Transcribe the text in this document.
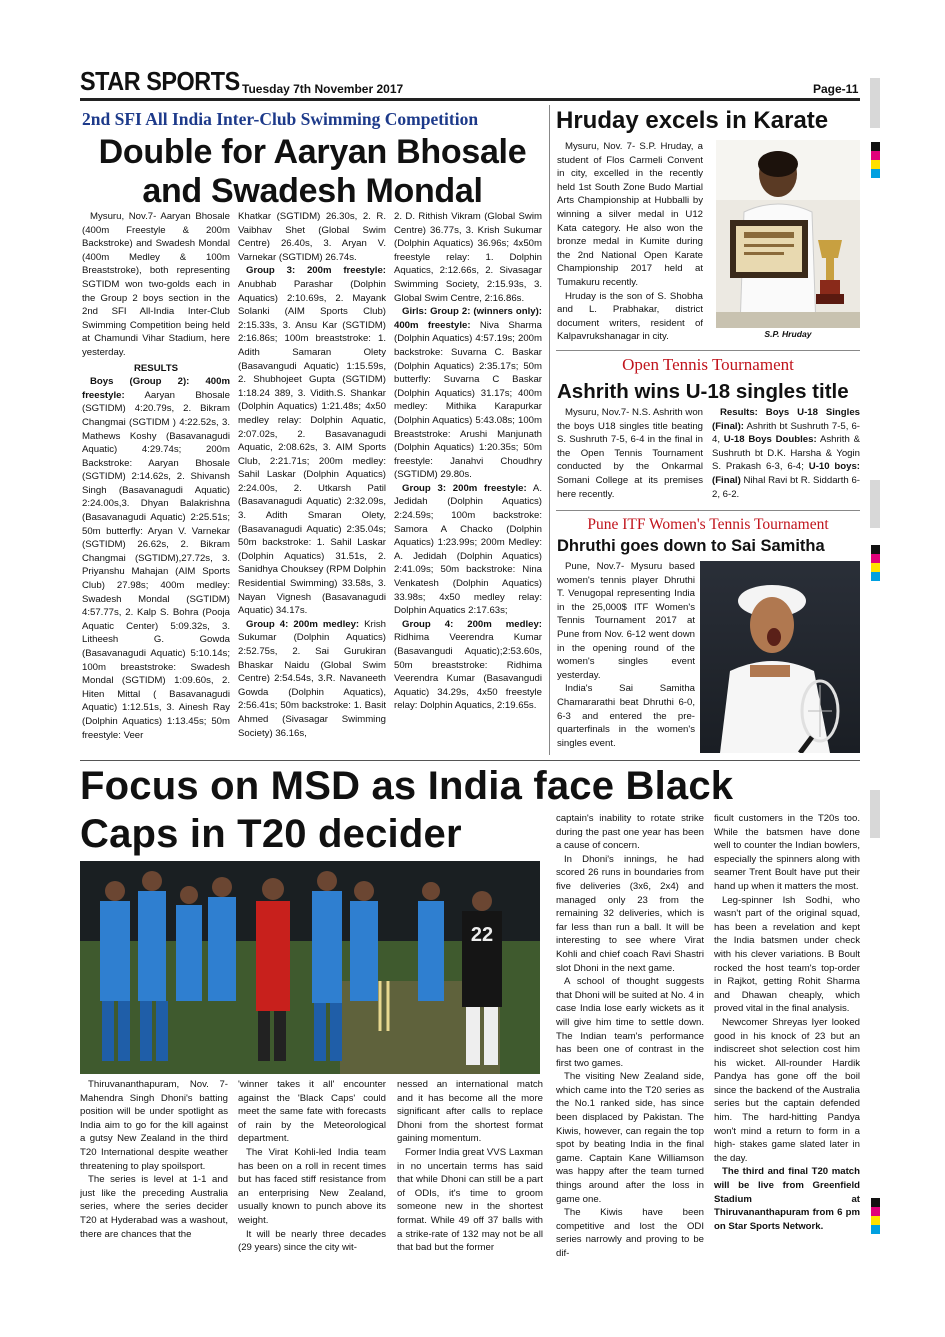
STAR SPORTS Tuesday 7th November 2017	Page-11
2nd SFI All India Inter-Club Swimming Competition
Double for Aaryan Bhosale
and Swadesh Mondal

Mysuru, Nov.7- Aaryan Bhosale (400m Freestyle & 200m Backstroke) and Swadesh Mondal (400m Medley & 100m Breaststroke), both representing SGTIDM won two-golds each in the Group 2 boys section in the 2nd SFI All-India Inter-Club Swimming Competition being held at Chamundi Vihar Stadium, here yesterday.

RESULTS

Boys (Group 2): 400m freestyle: Aaryan Bhosale (SGTIDM) 4:20.79s, 2. Bikram Changmai (SGTIDM ) 4:22.52s, 3. Mathews Koshy (Basavanagudi Aquatic) 4:29.74s; 200m Backstroke: Aaryan Bhosale (SGTIDM) 2:14.62s, 2. Shivansh Singh (Basavanagudi Aquatic) 2:24.00s,3. Dhyan Balakrishna (Basavanagudi Aquatic) 2:25.51s; 50m butterfly: Aryan V. Varnekar (SGTIDM) 26.62s, 2. Bikram Changmai (SGTIDM),27.72s, 3. Priyanshu Mahajan (AIM Sports Club) 27.98s; 400m medley: Swadesh Mondal (SGTIDM) 4:57.77s, 2. Kalp S. Bohra (Pooja Aquatic Center) 5:09.32s, 3. Litheesh G. Gowda (Basavanagudi Aquatic) 5:10.14s; 100m breaststroke: Swadesh Mondal (SGTIDM) 1:09.60s, 2. Hiten Mittal ( Basavanagudi Aquatic) 1:12.51s, 3. Ainesh Ray (Dolphin Aquatics) 1:13.45s; 50m freestyle: Veer

Khatkar (SGTIDM) 26.30s, 2. R. Vaibhav Shet (Global Swim Centre) 26.40s, 3. Aryan V. Varnekar (SGTIDM) 26.74s.

Group 3: 200m freestyle: Anubhab Parashar (Dolphin Aquatics) 2:10.69s, 2. Mayank Solanki (AIM Sports Club) 2:15.33s, 3. Ansu Kar (SGTIDM) 2:16.86s; 100m breaststroke: 1. Adith Samaran Olety (Basavangudi Aquatic) 1:15.59s, 2. Shubhojeet Gupta (SGTIDM) 1:18.24 389, 3. Vidith.S. Shankar (Dolphin Aquatics) 1:21.48s; 4x50 medley relay: Dolphin Aquatic, 2:07.02s, 2. Basavanagudi Aquatic, 2:08.62s, 3. AIM Sports Club, 2:21.71s; 200m medley: Sahil Laskar (Dolphin Aquatics) 2:24.00s, 2. Utkarsh Patil (Basavanagudi Aquatic) 2:32.09s, 3. Adith Smaran Olety, (Basavanagudi Aquatic) 2:35.04s; 50m backstroke: 1. Sahil Laskar (Dolphin Aquatics) 31.51s, 2. Sanidhya Chouksey (RPM Dolphin Residential Swimming) 33.58s, 3. Nayan Vignesh (Basavanagudi Aquatic) 34.17s.

Group 4: 200m medley: Krish Sukumar (Dolphin Aquatics) 2:52.75s, 2. Sai Gurukiran Bhaskar Naidu (Global Swim Centre) 2:54.54s, 3.R. Navaneeth Gowda (Dolphin Aquatics), 2:56.41s; 50m backstroke: 1. Basit Ahmed (Sivasagar Swimming Society) 36.16s,

2. D. Rithish Vikram (Global Swim Centre) 36.77s, 3. Krish Sukumar (Dolphin Aquatics) 36.96s; 4x50m freestyle relay: 1. Dolphin Aquatics, 2:12.66s, 2. Sivasagar Swimming Society, 2:15.93s, 3. Global Swim Centre, 2:16.86s.

Girls: Group 2: (winners only): 400m freestyle: Niva Sharma (Dolphin Aquatics) 4:57.19s; 200m backstroke: Suvarna C. Baskar (Dolphin Aquatics) 2:35.17s; 50m butterfly: Suvarna C Baskar (Dolphin Aquatics) 31.17s; 400m medley: Mithika Karapurkar (Dolphin Aquatics) 5:43.08s; 100m Breaststroke: Arushi Manjunath (Dolphin Aquatics) 1:20.35s; 50m freestyle: Janahvi Choudhry (SGTIDM) 29.80s.

Group 3: 200m freestyle: A. Jedidah (Dolphin Aquatics) 2:24.59s; 100m backstroke: Samora A Chacko (Dolphin Aquatics) 1:23.99s; 200m Medley: A. Jedidah (Dolphin Aquatics) 2:41.09s; 50m backstroke: Nina Venkatesh (Dolphin Aquatics) 33.98s; 4x50 medley relay: Dolphin Aquatics 2:17.63s;

Group 4: 200m medley: Ridhima Veerendra Kumar (Basavangudi Aquatic);2:53.60s, 50m breaststroke: Ridhima Veerendra Kumar (Basavangudi Aquatic) 34.29s, 4x50 freestyle relay: Dolphin Aquatics, 2:19.65s.

Hruday excels in Karate

Mysuru, Nov. 7- S.P. Hruday, a student of Flos Carmeli Convent in city, excelled in the recently held 1st South Zone Budo Martial Arts Championship at Hubballi by winning a silver medal in U12 Kata category. He also won the bronze medal in Kumite during the 2nd National Open Karate Championship 2017 held at Tumakuru recently.

Hruday is the son of S. Shobha and L. Prabhakar, district document writers, resident of Kalpavrukshanagar in city.	S.P. Hruday
Open Tennis Tournament
Ashrith wins U-18 singles title

Mysuru, Nov.7- N.S. Ashrith won the boys U18 singles title beating S. Sushruth 7-5, 6-4 in the final in the Open Tennis Tournament conducted by the Onkarmal Somani College at its premises here recently.

Results: Boys U-18 Singles (Final): Ashrith bt Sushruth 7-5, 6-4, U-18 Boys Doubles: Ashrith & Sushruth bt D.K. Harsha & Yogin S. Prakash 6-3, 6-4; U-10 boys: (Final) Nihal Ravi bt R. Siddarth 6-2, 6-2.

Pune ITF Women's Tennis Tournament
Dhruthi goes down to Sai Samitha

Pune, Nov.7- Mysuru based women's tennis player Dhruthi T. Venugopal representing India in the 25,000$ ITF Women's Tennis Tournament 2017 at Pune from Nov. 6-12 went down in the opening round of the women's singles event yesterday.

India's Sai Samitha Chamararathi beat Dhruthi 6-0, 6-3 and entered the pre-quarterfinals in the women's singles event.

Focus on MSD as India face Black
Caps in T20 decider
22

Thiruvananthapuram, Nov. 7- Mahendra Singh Dhoni's batting position will be under spotlight as India aim to go for the kill against a gutsy New Zealand in the third T20 International despite weather threatening to play spoilsport.

The series is level at 1-1 and just like the preceding Australia series, where the series decider T20 at Hyderabad was a washout, there are chances that the

'winner takes it all' encounter against the 'Black Caps' could meet the same fate with forecasts of rain by the Meteorological department.

The Virat Kohli-led India team has been on a roll in recent times but has faced stiff resistance from an enterprising New Zealand, usually known to punch above its weight.

It will be nearly three decades (29 years) since the city wit-

nessed an international match and it has become all the more significant after calls to replace Dhoni from the shortest format gaining momentum.

Former India great VVS Laxman in no uncertain terms has said that while Dhoni can still be a part of ODIs, it's time to groom someone new in the shortest format. While 49 off 37 balls with a strike-rate of 132 may not be all that bad but the former

captain's inability to rotate strike during the past one year has been a cause of concern.

In Dhoni's innings, he had scored 26 runs in boundaries from five deliveries (3x6, 2x4) and managed only 23 from the remaining 32 deliveries, which is far less than run a ball. It will be interesting to see where Virat Kohli and chief coach Ravi Shastri slot Dhoni in the next game.

A school of thought suggests that Dhoni will be suited at No. 4 in case India lose early wickets as it will give him time to settle down. The Indian team's performance has been one of contrast in the first two games.

The visiting New Zealand side, which came into the T20 series as the No.1 ranked side, has since been displaced by Pakistan. The Kiwis, however, can regain the top spot by beating India in the final game. Captain Kane Williamson was happy after the team turned things around after the loss in game one.

The Kiwis have been competitive and lost the ODI series narrowly and proving to be dif-

ficult customers in the T20s too. While the batsmen have done well to counter the Indian bowlers, especially the spinners along with seamer Trent Boult have put their hand up when it matters the most.

Leg-spinner Ish Sodhi, who wasn't part of the original squad, has been a revelation and kept the India batsmen under check with his clever variations. B Boult rocked the host team's top-order in Rajkot, getting Rohit Sharma and Dhawan cheaply, which proved vital in the final analysis.

Newcomer Shreyas Iyer looked good in his knock of 23 but an indiscreet shot selection cost him his wicket. All-rounder Hardik Pandya has gone off the boil since the backend of the Australia series but the captain defended him. The hard-hitting Pandya won't mind a return to form in a high- stakes game slated later in the day.

The third and final T20 match will be live from Greenfield Stadium at Thiruvananthapuram from 6 pm on Star Sports Network.
